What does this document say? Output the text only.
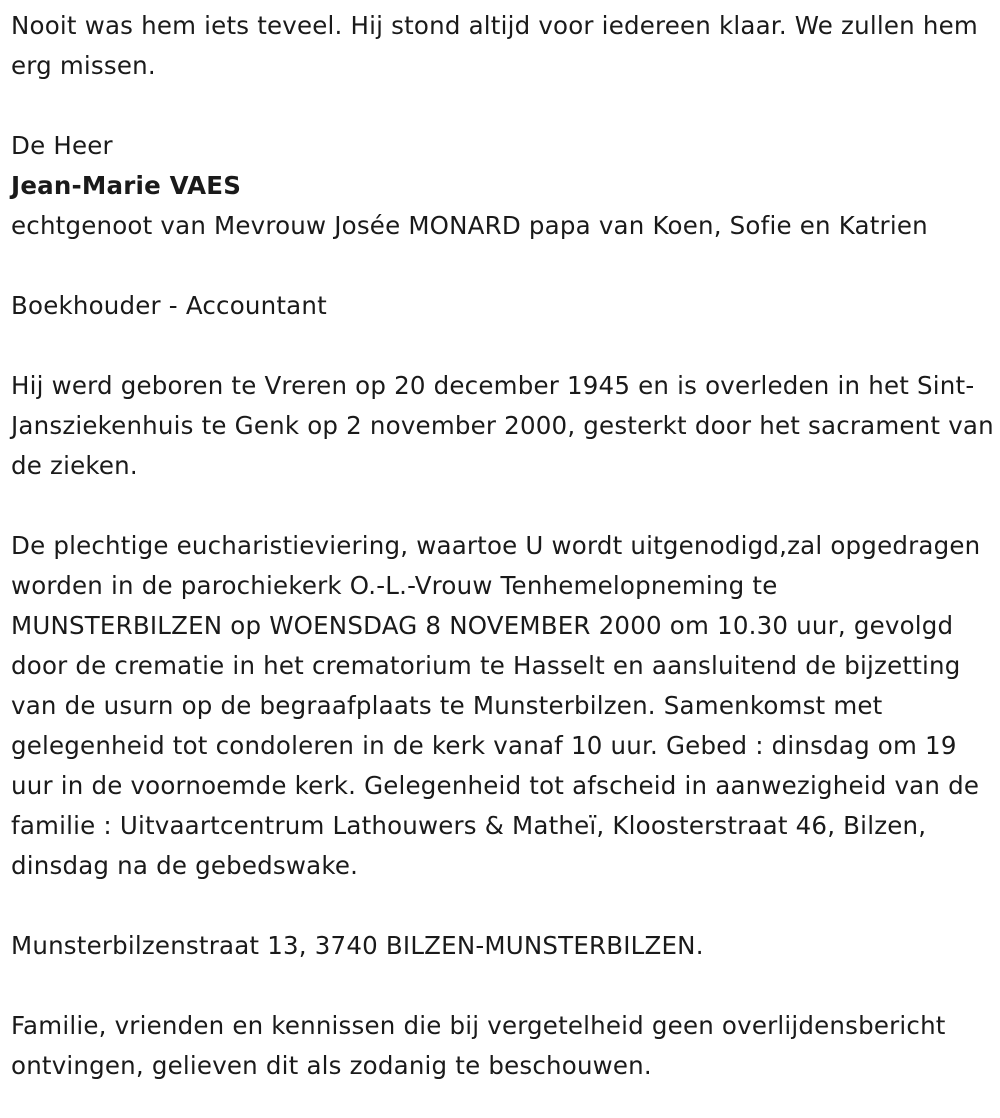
Nooit was hem iets teveel. Hij stond altijd voor iedereen klaar. We zullen hem erg missen.

De Heer

Jean-Marie VAES

echtgenoot van Mevrouw Josée MONARD papa van Koen, Sofie en Katrien

Boekhouder - Accountant

Hij werd geboren te Vreren op 20 december 1945 en is overleden in het Sint-Jansziekenhuis te Genk op 2 november 2000, gesterkt door het sacrament van de zieken.

De plechtige eucharistieviering, waartoe U wordt uitgenodigd,zal opgedragen worden in de parochiekerk O.-L.-Vrouw Tenhemelopneming te MUNSTERBILZEN op WOENSDAG 8 NOVEMBER 2000 om 10.30 uur, gevolgd door de crematie in het crematorium te Hasselt en aansluitend de bijzetting van de usurn op de begraafplaats te Munsterbilzen. Samenkomst met gelegenheid tot condoleren in de kerk vanaf 10 uur. Gebed : dinsdag om 19 uur in de voornoemde kerk. Gelegenheid tot afscheid in aanwezigheid van de familie : Uitvaartcentrum Lathouwers & Matheï, Kloosterstraat 46, Bilzen, dinsdag na de gebedswake.

Munsterbilzenstraat 13, 3740 BILZEN-MUNSTERBILZEN.

Familie, vrienden en kennissen die bij vergetelheid geen overlijdensbericht ontvingen, gelieven dit als zodanig te beschouwen.
